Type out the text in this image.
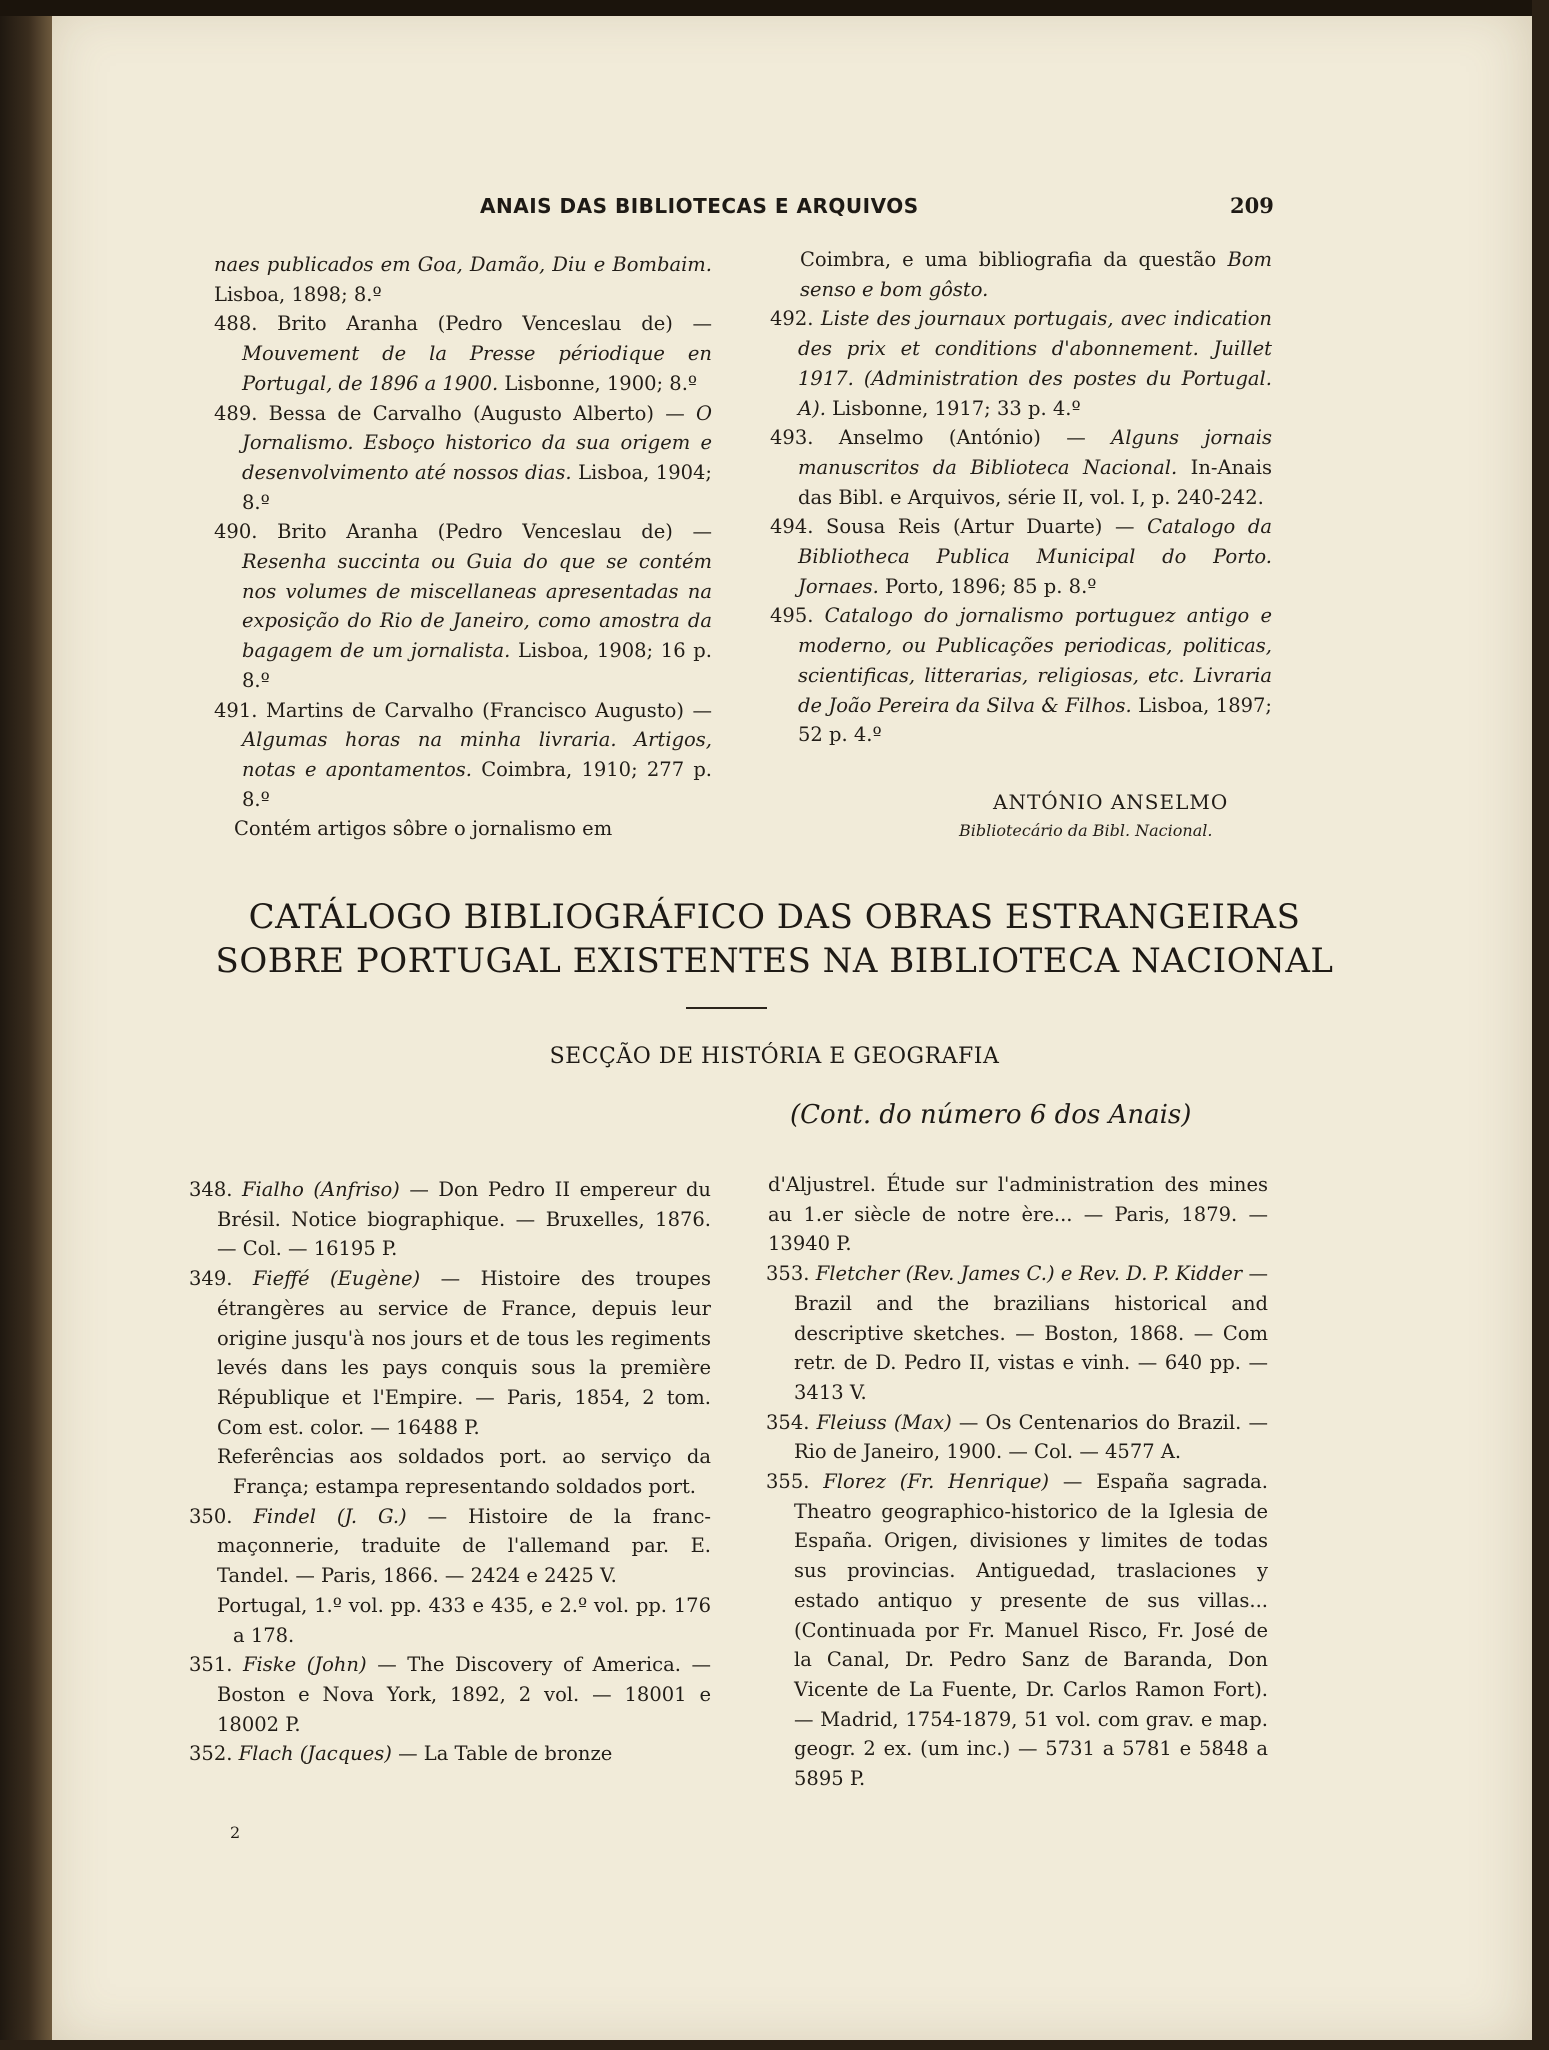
ANAIS DAS BIBLIOTECAS E ARQUIVOS	209

naes publicados em Goa, Damão, Diu e Bombaim. Lisboa, 1898; 8.º

488. Brito Aranha (Pedro Venceslau de) — Mouvement de la Presse périodique en Portugal, de 1896 a 1900. Lisbonne, 1900; 8.º

489. Bessa de Carvalho (Augusto Alberto) — O Jornalismo. Esboço historico da sua origem e desenvolvimento até nossos dias. Lisboa, 1904; 8.º

490. Brito Aranha (Pedro Venceslau de) — Resenha succinta ou Guia do que se contém nos volumes de miscellaneas apresentadas na exposição do Rio de Janeiro, como amostra da bagagem de um jornalista. Lisboa, 1908; 16 p. 8.º

491. Martins de Carvalho (Francisco Augusto) — Algumas horas na minha livraria. Artigos, notas e apontamentos. Coimbra, 1910; 277 p. 8.º

Contém artigos sôbre o jornalismo em

Coimbra, e uma bibliografia da questão Bom senso e bom gôsto.

492. Liste des journaux portugais, avec indication des prix et conditions d'abonnement. Juillet 1917. (Administration des postes du Portugal. A). Lisbonne, 1917; 33 p. 4.º

493. Anselmo (António) — Alguns jornais manuscritos da Biblioteca Nacional. In-Anais das Bibl. e Arquivos, série II, vol. I, p. 240-242.

494. Sousa Reis (Artur Duarte) — Catalogo da Bibliotheca Publica Municipal do Porto. Jornaes. Porto, 1896; 85 p. 8.º

495. Catalogo do jornalismo portuguez antigo e moderno, ou Publicações periodicas, politicas, scientificas, litterarias, religiosas, etc. Livraria de João Pereira da Silva & Filhos. Lisboa, 1897; 52 p. 4.º

ANTÓNIO ANSELMO
Bibliotecário da Bibl. Nacional.
CATÁLOGO BIBLIOGRÁFICO DAS OBRAS ESTRANGEIRAS
SOBRE PORTUGAL EXISTENTES NA BIBLIOTECA NACIONAL
SECÇÃO DE HISTÓRIA E GEOGRAFIA
(Cont. do número 6 dos Anais)

348. Fialho (Anfriso) — Don Pedro II empereur du Brésil. Notice biographique. — Bruxelles, 1876. — Col. — 16195 P.

349. Fieffé (Eugène) — Histoire des troupes étrangères au service de France, depuis leur origine jusqu'à nos jours et de tous les regiments levés dans les pays conquis sous la première République et l'Empire. — Paris, 1854, 2 tom. Com est. color. — 16488 P.

Referências aos soldados port. ao serviço da França; estampa representando soldados port.

350. Findel (J. G.) — Histoire de la franc-maçonnerie, traduite de l'allemand par. E. Tandel. — Paris, 1866. — 2424 e 2425 V.

Portugal, 1.º vol. pp. 433 e 435, e 2.º vol. pp. 176 a 178.

351. Fiske (John) — The Discovery of America. — Boston e Nova York, 1892, 2 vol. — 18001 e 18002 P.

352. Flach (Jacques) — La Table de bronze

d'Aljustrel. Étude sur l'administration des mines au 1.er siècle de notre ère... — Paris, 1879. — 13940 P.

353. Fletcher (Rev. James C.) e Rev. D. P. Kidder — Brazil and the brazilians historical and descriptive sketches. — Boston, 1868. — Com retr. de D. Pedro II, vistas e vinh. — 640 pp. — 3413 V.

354. Fleiuss (Max) — Os Centenarios do Brazil. — Rio de Janeiro, 1900. — Col. — 4577 A.

355. Florez (Fr. Henrique) — España sagrada. Theatro geographico-historico de la Iglesia de España. Origen, divisiones y limites de todas sus provincias. Antiguedad, traslaciones y estado antiquo y presente de sus villas... (Continuada por Fr. Manuel Risco, Fr. José de la Canal, Dr. Pedro Sanz de Baranda, Don Vicente de La Fuente, Dr. Carlos Ramon Fort). — Madrid, 1754-1879, 51 vol. com grav. e map. geogr. 2 ex. (um inc.) — 5731 a 5781 e 5848 a 5895 P.

2
